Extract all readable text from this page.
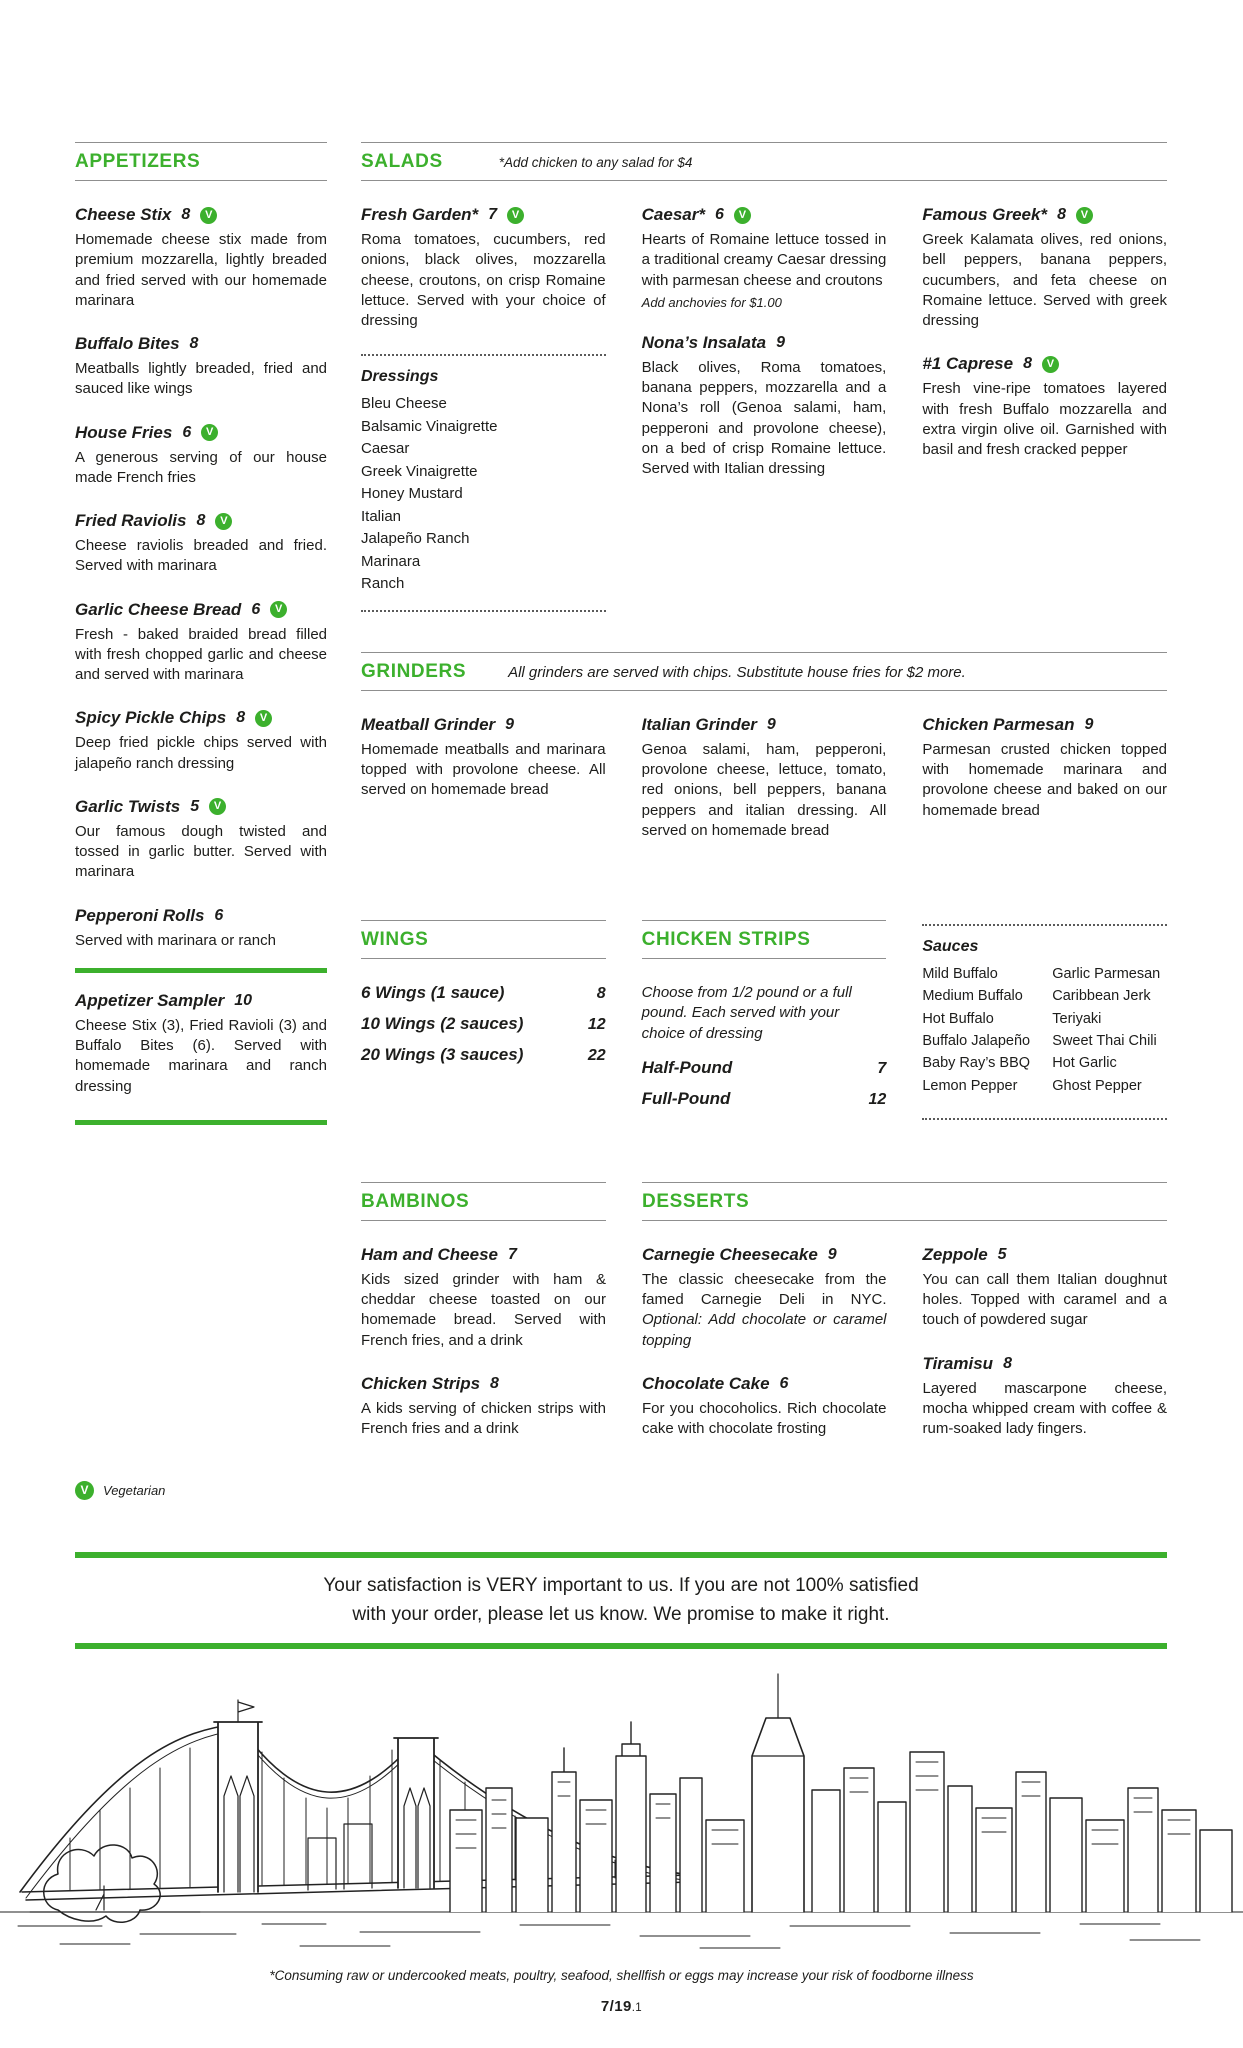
APPETIZERS
Cheese Stix 8	V

Homemade cheese stix made from premium mozzarella, lightly breaded and fried served with our homemade marinara

Buffalo Bites 8

Meatballs lightly breaded, fried and sauced like wings

House Fries 6	V

A generous serving of our house made French fries

Fried Raviolis 8	V

Cheese raviolis breaded and fried. Served with marinara

Garlic Cheese Bread 6	V

Fresh - baked braided bread filled with fresh chopped garlic and cheese and served with marinara

Spicy Pickle Chips 8	V

Deep fried pickle chips served with jalapeño ranch dressing

Garlic Twists 5	V

Our famous dough twisted and tossed in garlic butter. Served with marinara

Pepperoni Rolls 6

Served with marinara or ranch

Appetizer Sampler 10

Cheese Stix (3), Fried Ravioli (3) and Buffalo Bites (6). Served with homemade marinara and ranch dressing

V	Vegetarian
SALADS	*Add chicken to any salad for $4
Fresh Garden* 7	V

Roma tomatoes, cucumbers, red onions, black olives, mozzarella cheese, croutons, on crisp Romaine lettuce. Served with your choice of dressing

Dressings
Bleu Cheese
Balsamic Vinaigrette
Caesar
Greek Vinaigrette
Honey Mustard
Italian
Jalapeño Ranch
Marinara
Ranch
Caesar* 6	V

Hearts of Romaine lettuce tossed in a traditional creamy Caesar dressing with parmesan cheese and croutons

Add anchovies for $1.00
Nona’s Insalata 9

Black olives, Roma tomatoes, banana peppers, mozzarella and a Nona’s roll (Genoa salami, ham, pepperoni and provolone cheese), on a bed of crisp Romaine lettuce. Served with Italian dressing

Famous Greek* 8	V

Greek Kalamata olives, red onions, bell peppers, banana peppers, cucumbers, and feta cheese on Romaine lettuce. Served with greek dressing

#1 Caprese 8	V

Fresh vine-ripe tomatoes layered with fresh Buffalo mozzarella and extra virgin olive oil. Garnished with basil and fresh cracked pepper

GRINDERS	All grinders are served with chips. Substitute house fries for $2 more.
Meatball Grinder 9

Homemade meatballs and marinara topped with provolone cheese. All served on homemade bread

Italian Grinder 9

Genoa salami, ham, pepperoni, provolone cheese, lettuce, tomato, red onions, bell peppers, banana peppers and italian dressing. All served on homemade bread

Chicken Parmesan 9

Parmesan crusted chicken topped with homemade marinara and provolone cheese and baked on our homemade bread

WINGS
6 Wings (1 sauce)	8
10 Wings (2 sauces)	12
20 Wings (3 sauces)	22
CHICKEN STRIPS

Choose from 1/2 pound or a full pound. Each served with your choice of dressing

Half-Pound	7
Full-Pound	12
Sauces
Mild Buffalo	Garlic Parmesan
Medium Buffalo	Caribbean Jerk
Hot Buffalo	Teriyaki
Buffalo Jalapeño	Sweet Thai Chili
Baby Ray’s BBQ	Hot Garlic
Lemon Pepper	Ghost Pepper
BAMBINOS
Ham and Cheese 7

Kids sized grinder with ham & cheddar cheese toasted on our homemade bread. Served with French fries, and a drink

Chicken Strips 8

A kids serving of chicken strips with French fries and a drink

DESSERTS
Carnegie Cheesecake 9

The classic cheesecake from the famed Carnegie Deli in NYC. Optional: Add chocolate or caramel topping

Chocolate Cake 6

For you chocoholics. Rich chocolate cake with chocolate frosting

Zeppole 5

You can call them Italian doughnut holes. Topped with caramel and a touch of powdered sugar

Tiramisu 8

Layered mascarpone cheese, mocha whipped cream with coffee & rum-soaked lady fingers.

Your satisfaction is VERY important to us. If you are not 100% satisfied
with your order, please let us know. We promise to make it right.
*Consuming raw or undercooked meats, poultry, seafood, shellfish or eggs may increase your risk of foodborne illness
7/19.1
